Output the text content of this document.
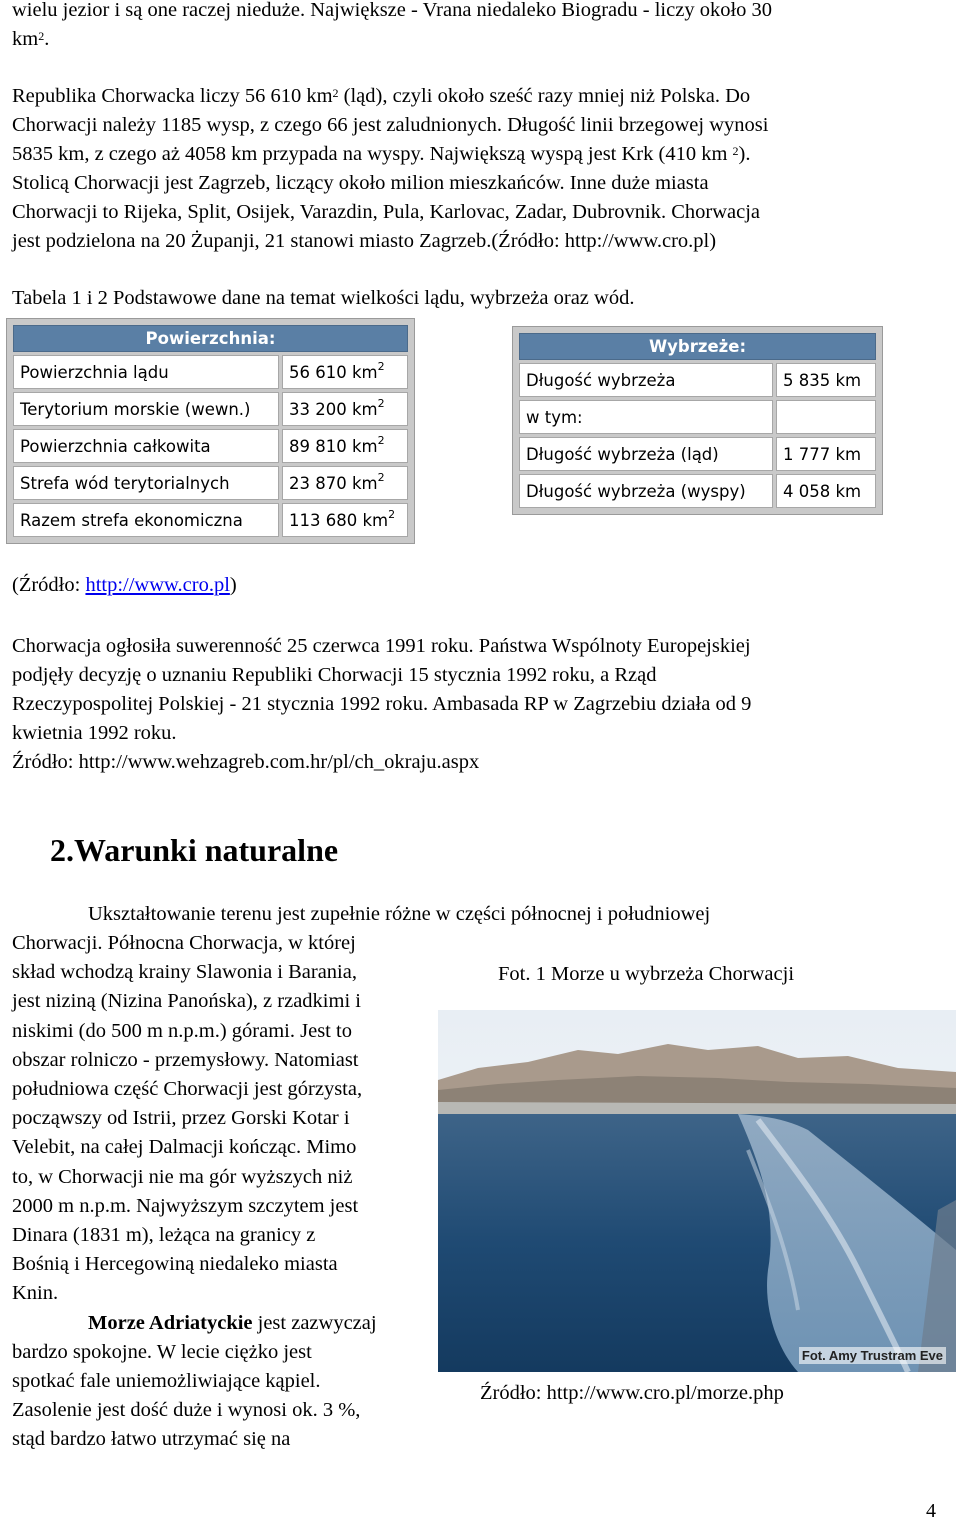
wielu jezior i są one raczej nieduże. Największe - Vrana niedaleko Biogradu - liczy około 30

$km^2$.

Republika Chorwacka liczy 56 610 $km^2$ (ląd), czyli około sześć razy mniej niż Polska. Do

Chorwacji należy 1185 wysp, z czego 66 jest zaludnionych. Długość linii brzegowej wynosi

5835 km, z czego aż 4058 km przypada na wyspy. Największą wyspą jest Krk (410 km $^2$).

Stolicą Chorwacji jest Zagrzeb, liczący około milion mieszkańców. Inne duże miasta

Chorwacji to Rijeka, Split, Osijek, Varazdin, Pula, Karlovac, Zadar, Dubrovnik. Chorwacja

jest podzielona na 20 Żupanji, 21 stanowi miasto Zagrzeb.(Źródło: http://www.cro.pl)

Tabela 1 i 2 Podstawowe dane na temat wielkości lądu, wybrzeża oraz wód.

Powierzchnia:
Powierzchnia lądu	56 610 $km^2$
Terytorium morskie (wewn.)	33 200 $km^2$
Powierzchnia całkowita	89 810 $km^2$
Strefa wód terytorialnych	23 870 $km^2$
Razem strefa ekonomiczna	113 680 $km^2$
Wybrzeże:
Długość wybrzeża	5 835 km
w tym:	
Długość wybrzeża (ląd)	1 777 km
Długość wybrzeża (wyspy)	4 058 km
(Źródło: http://www.cro.pl)

Chorwacja ogłosiła suwerenność 25 czerwca 1991 roku. Państwa Wspólnoty Europejskiej

podjęły decyzję o uznaniu Republiki Chorwacji 15 stycznia 1992 roku, a Rząd

Rzeczypospolitej Polskiej - 21 stycznia 1992 roku. Ambasada RP w Zagrzebiu działa od 9

kwietnia 1992 roku.

Źródło: http://www.wehzagreb.com.hr/pl/ch_okraju.aspx

2.Warunki naturalne
Ukształtowanie terenu jest zupełnie różne w części północnej i południowej
Chorwacji. Północna Chorwacja, w której
skład wchodzą krainy Slawonia i Barania,
jest niziną (Nizina Panońska), z rzadkimi i
niskimi (do 500 m n.p.m.) górami. Jest to
obszar rolniczo - przemysłowy. Natomiast
południowa część Chorwacji jest górzysta,
począwszy od Istrii, przez Gorski Kotar i
Velebit, na całej Dalmacji kończąc. Mimo
to, w Chorwacji nie ma gór wyższych niż
2000 m n.p.m. Najwyższym szczytem jest
Dinara (1831 m), leżąca na granicy z
Bośnią i Hercegowiną niedaleko miasta
Knin.
Morze Adriatyckie jest zazwyczaj
bardzo spokojne. W lecie ciężko jest
spotkać fale uniemożliwiające kąpiel.
Zasolenie jest dość duże i wynosi ok. 3 %,
stąd bardzo łatwo utrzymać się na
Fot. 1 Morze u wybrzeża Chorwacji
Fot. Amy Trustram Eve
Źródło: http://www.cro.pl/morze.php
4
